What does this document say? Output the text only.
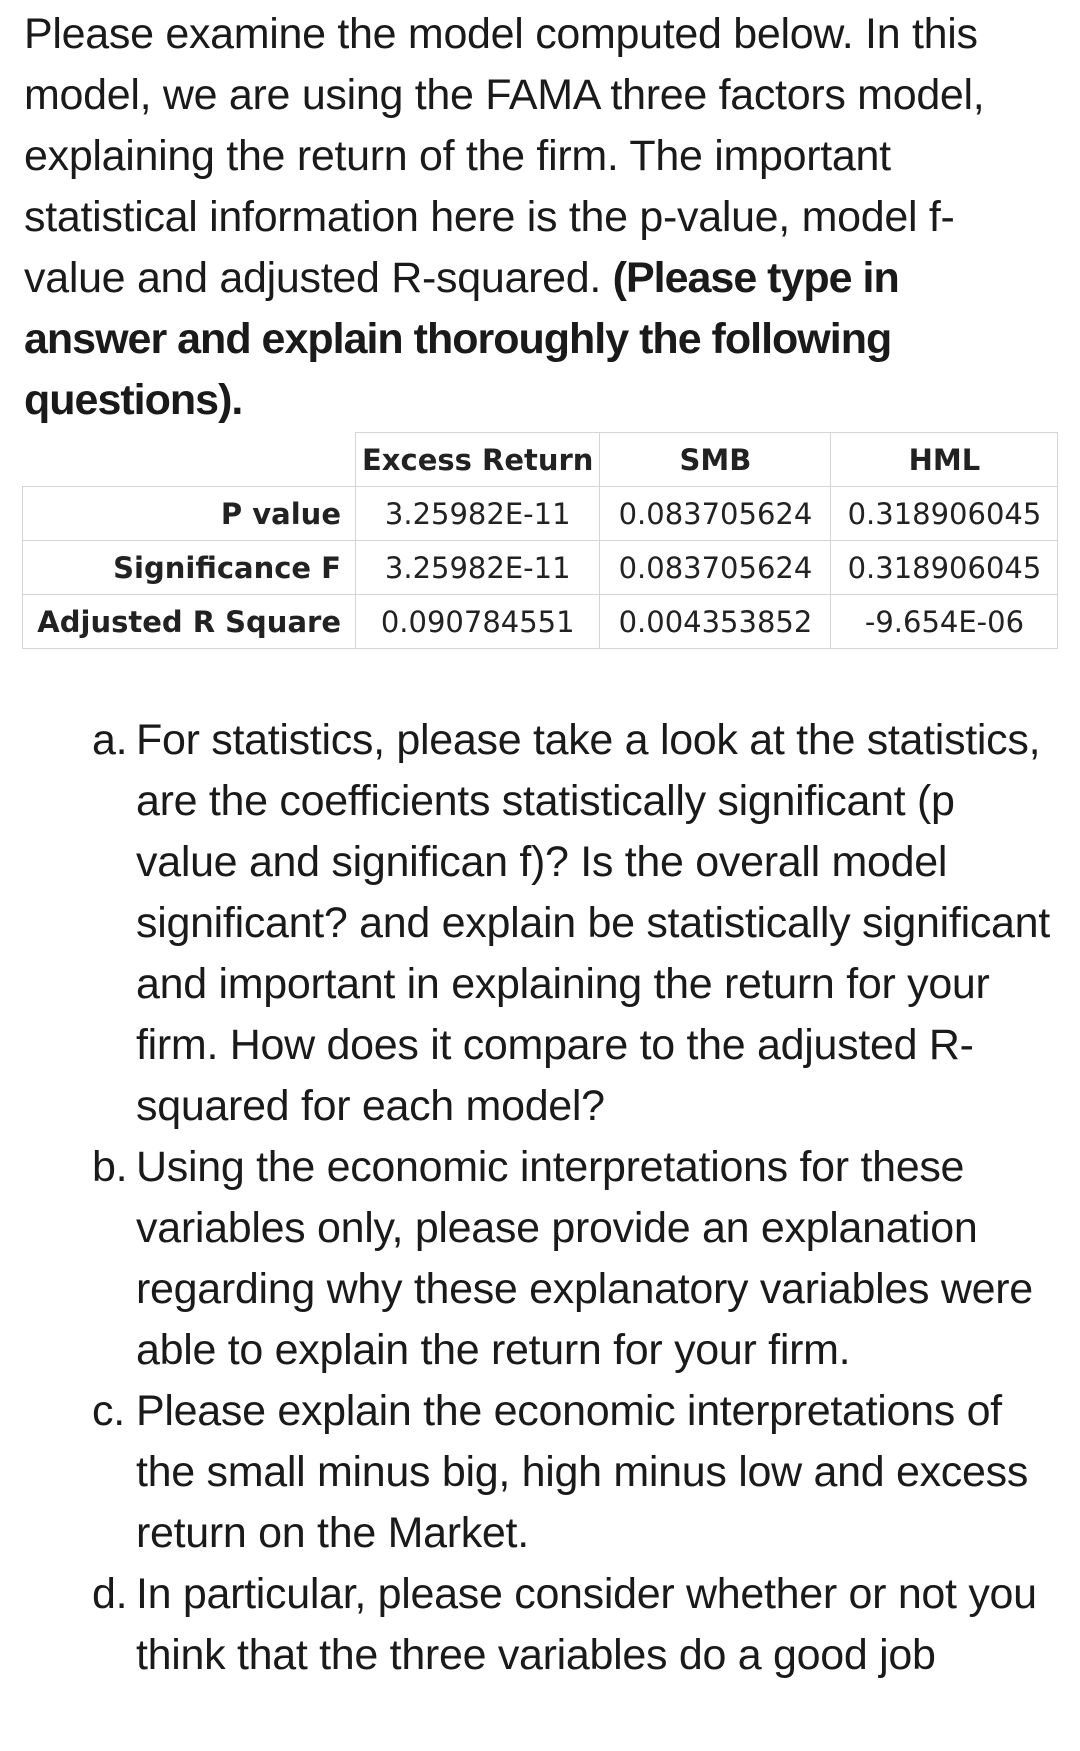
Please examine the model computed below. In this model, we are using the FAMA three factors model, explaining the return of the firm. The important statistical information here is the p-value, model f-value and adjusted R-squared. (Please type in answer and explain thoroughly the following questions).

	Excess Return	SMB	HML
P value	3.25982E-11	0.083705624	0.318906045
Significance F	3.25982E-11	0.083705624	0.318906045
Adjusted R Square	0.090784551	0.004353852	-9.654E-06
a. For statistics, please take a look at the statistics, are the coefficients statistically significant (p value and significan f)? Is the overall model significant? and explain be statistically significant and important in explaining the return for your firm. How does it compare to the adjusted R-squared for each model?
b. Using the economic interpretations for these variables only, please provide an explanation regarding why these explanatory variables were able to explain the return for your firm.
c. Please explain the economic interpretations of the small minus big, high minus low and excess return on the Market.
d. In particular, please consider whether or not you think that the three variables do a good job
